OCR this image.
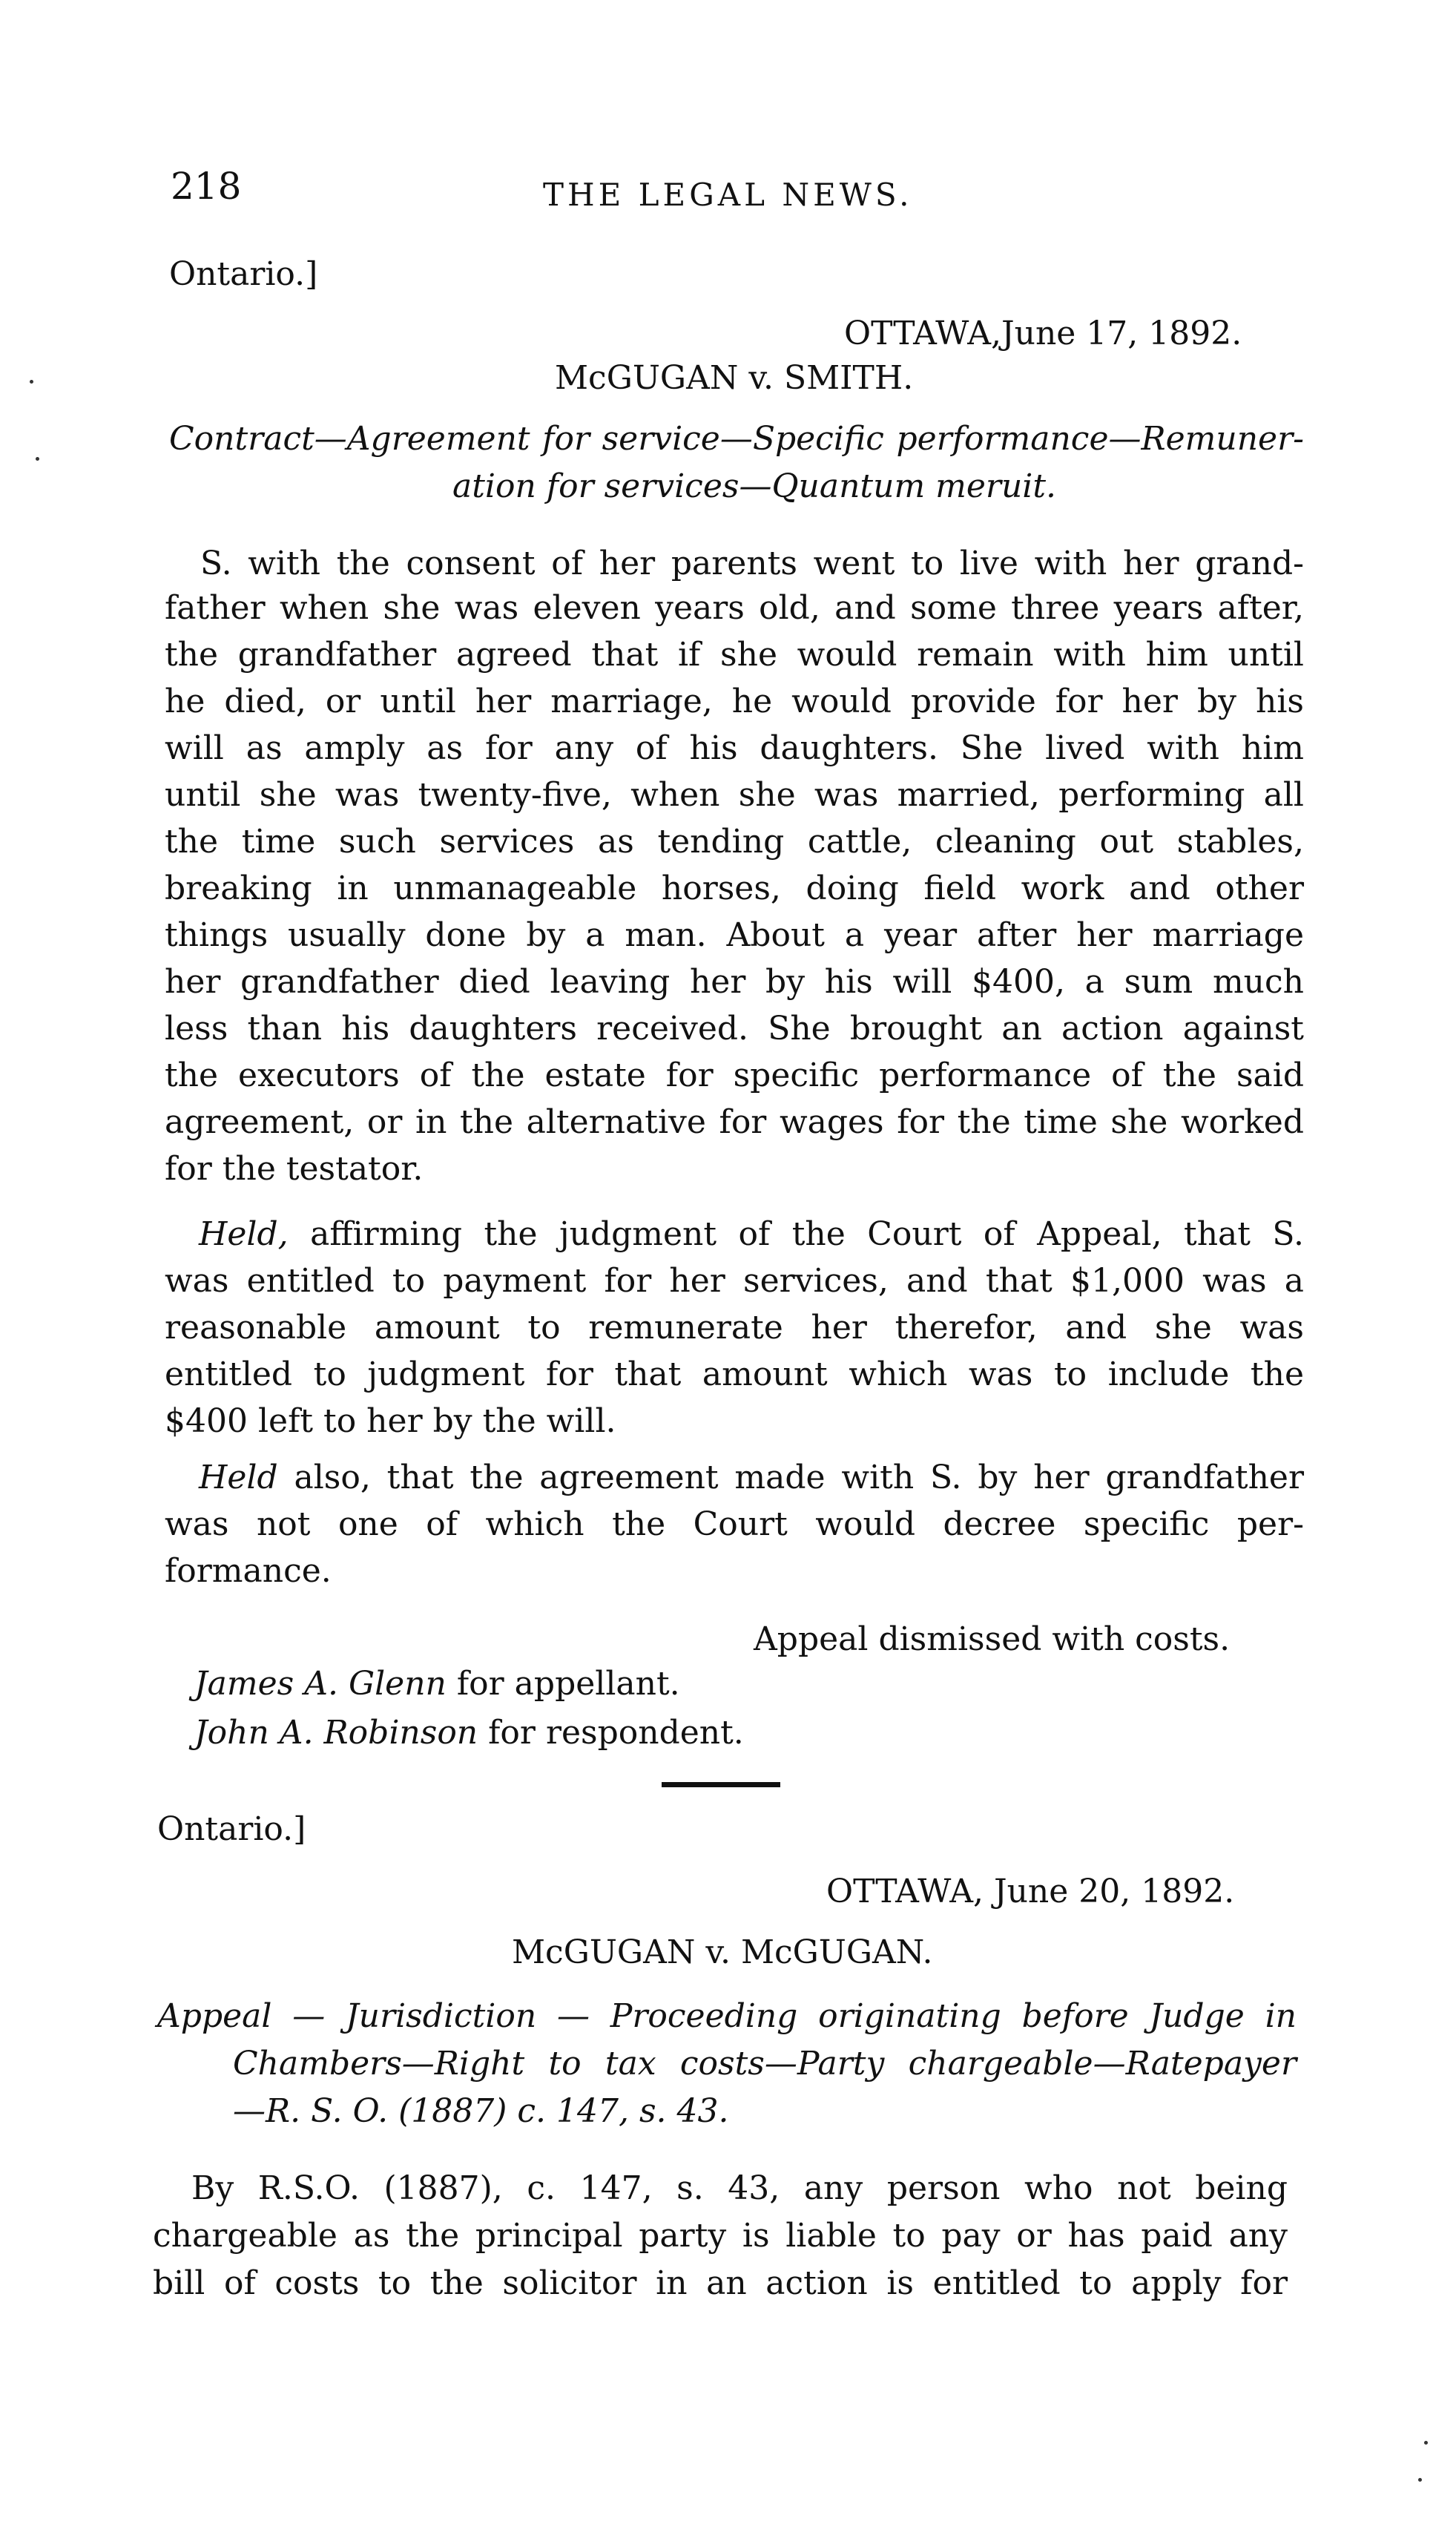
218	THE LEGAL NEWS.
Ontario.]
OTTAWA,June 17, 1892.
McGUGAN v. SMITH.
Contract—Agreement for service—Specific performance—Remuner-
ation for services—Quantum meruit.
S. with the consent of her parents went to live with her grand-
father when she was eleven years old, and some three years after,
the grandfather agreed that if she would remain with him until
he died, or until her marriage, he would provide for her by his
will as amply as for any of his daughters. She lived with him
until she was twenty-five, when she was married, performing all
the time such services as tending cattle, cleaning out stables,
breaking in unmanageable horses, doing field work and other
things usually done by a man. About a year after her marriage
her grandfather died leaving her by his will $400, a sum much
less than his daughters received. She brought an action against
the executors of the estate for specific performance of the said
agreement, or in the alternative for wages for the time she worked
for the testator.
Held, affirming the judgment of the Court of Appeal, that S.
was entitled to payment for her services, and that $1,000 was a
reasonable amount to remunerate her therefor, and she was
entitled to judgment for that amount which was to include the
$400 left to her by the will.
Held also, that the agreement made with S. by her grandfather
was not one of which the Court would decree specific per-
formance.
Appeal dismissed with costs.
James A. Glenn for appellant.
John A. Robinson for respondent.
Ontario.]
OTTAWA, June 20, 1892.
McGUGAN v. McGUGAN.
Appeal — Jurisdiction — Proceeding originating before Judge in
Chambers—Right to tax costs—Party chargeable—Ratepayer
—R. S. O. (1887) c. 147, s. 43.
By R.S.O. (1887), c. 147, s. 43, any person who not being
chargeable as the principal party is liable to pay or has paid any
bill of costs to the solicitor in an action is entitled to apply for
